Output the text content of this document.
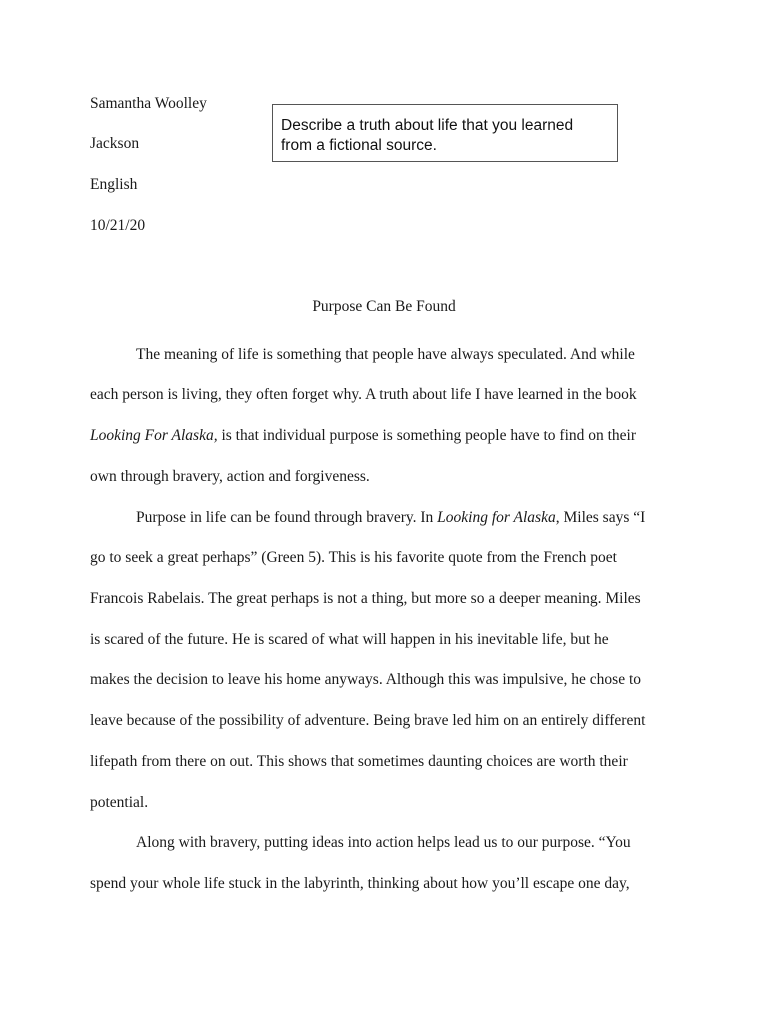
Samantha Woolley
Jackson
English
10/21/20
Describe a truth about life that you learned
from a fictional source.
Purpose Can Be Found
The meaning of life is something that people have always speculated. And while
each person is living, they often forget why. A truth about life I have learned in the book
Looking For Alaska, is that individual purpose is something people have to find on their
own through bravery, action and forgiveness.
Purpose in life can be found through bravery. In Looking for Alaska, Miles says “I
go to seek a great perhaps” (Green 5). This is his favorite quote from the French poet
Francois Rabelais. The great perhaps is not a thing, but more so a deeper meaning. Miles
is scared of the future. He is scared of what will happen in his inevitable life, but he
makes the decision to leave his home anyways. Although this was impulsive, he chose to
leave because of the possibility of adventure. Being brave led him on an entirely different
lifepath from there on out. This shows that sometimes daunting choices are worth their
potential.
Along with bravery, putting ideas into action helps lead us to our purpose. “You
spend your whole life stuck in the labyrinth, thinking about how you’ll escape one day,
